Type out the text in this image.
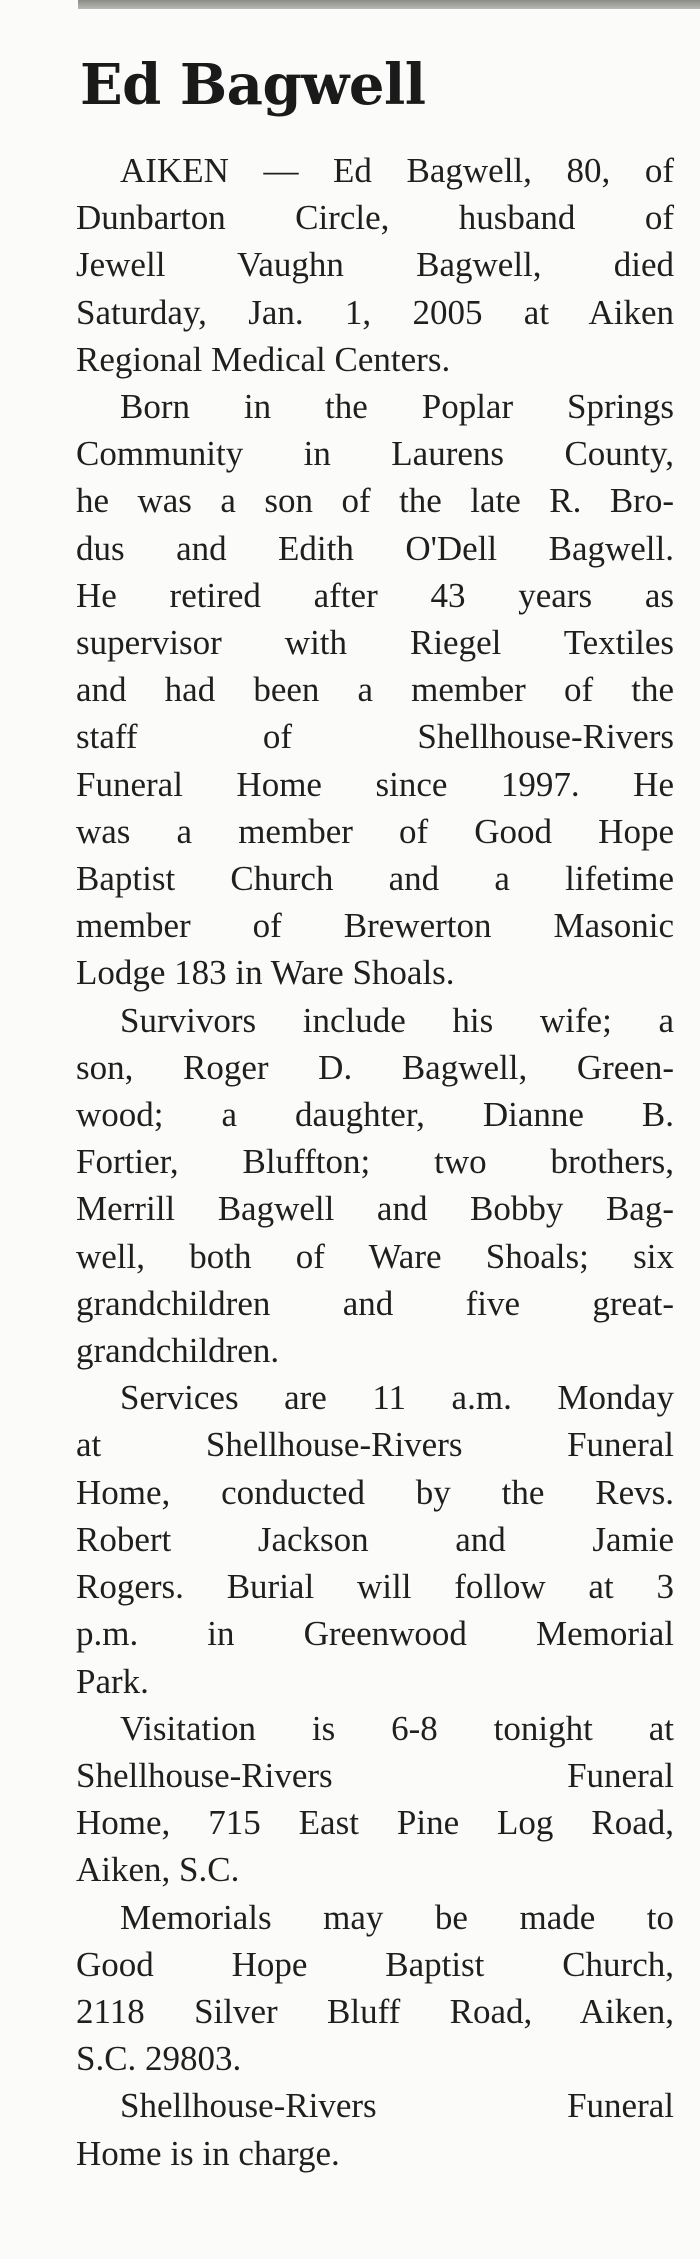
Ed Bagwell

AIKEN — Ed Bagwell, 80, of
Dunbarton Circle, husband of
Jewell Vaughn Bagwell, died
Saturday, Jan. 1, 2005 at Aiken
Regional Medical Centers.

Born in the Poplar Springs
Community in Laurens County,
he was a son of the late R. Bro-
dus and Edith O'Dell Bagwell.
He retired after 43 years as
supervisor with Riegel Textiles
and had been a member of the
staff of Shellhouse-Rivers
Funeral Home since 1997. He
was a member of Good Hope
Baptist Church and a lifetime
member of Brewerton Masonic
Lodge 183 in Ware Shoals.

Survivors include his wife; a
son, Roger D. Bagwell, Green-
wood; a daughter, Dianne B.
Fortier, Bluffton; two brothers,
Merrill Bagwell and Bobby Bag-
well, both of Ware Shoals; six
grandchildren and five great-
grandchildren.

Services are 11 a.m. Monday
at Shellhouse-Rivers Funeral
Home, conducted by the Revs.
Robert Jackson and Jamie
Rogers. Burial will follow at 3
p.m. in Greenwood Memorial
Park.

Visitation is 6-8 tonight at
Shellhouse-Rivers Funeral
Home, 715 East Pine Log Road,
Aiken, S.C.

Memorials may be made to
Good Hope Baptist Church,
2118 Silver Bluff Road, Aiken,
S.C. 29803.

Shellhouse-Rivers Funeral
Home is in charge.
